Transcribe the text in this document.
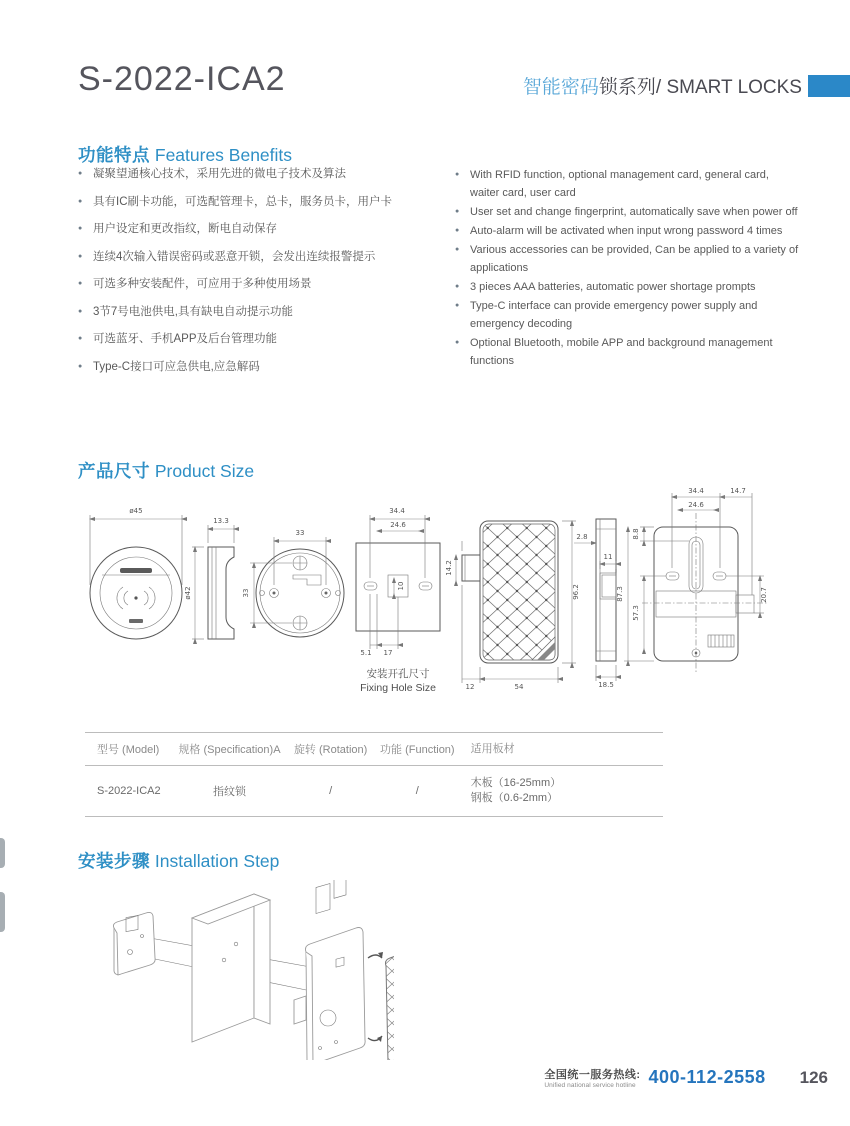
S-2022-ICA2	智能密码锁系列/ SMART LOCKS
功能特点 Features Benefits
● 凝聚望通核心技术，采用先进的微电子技术及算法
● 具有IC刷卡功能，可选配管理卡，总卡，服务员卡，用户卡
● 用户设定和更改指纹，断电自动保存
● 连续4次输入错误密码或恶意开锁，会发出连续报警提示
● 可选多种安装配件，可应用于多种使用场景
● 3节7号电池供电,具有缺电自动提示功能
● 可选蓝牙、手机APP及后台管理功能
● Type-C接口可应急供电,应急解码
● With RFID function, optional management card, general card, waiter card, user card
● User set and change fingerprint, automatically save when power off
● Auto-alarm will be activated when input wrong password 4 times
● Various accessories can be provided, Can be applied to a variety of applications
● 3 pieces AAA batteries, automatic power shortage prompts
● Type-C interface can provide emergency power supply and emergency decoding
● Optional Bluetooth, mobile APP and background management functions
产品尺寸 Product Size
ø45
13.3
ø42
33
33
10
34.4
24.6
5.1 17
安装开孔尺寸
Fixing Hole Size
14.2
96.2
12	54
2.8
11
18.5
34.4
24.6
14.7
8.8
87.3
57.3
20.7
型号 (Model)	规格 (Specification)A	旋转 (Rotation)	功能 (Function)	适用板材
S-2022-ICA2	指纹锁	/	/
木板（16-25mm）
钢板（0.6-2mm）
安装步骤 Installation Step
全国统一服务热线:
Unified national service hotline 400-112-2558 126
